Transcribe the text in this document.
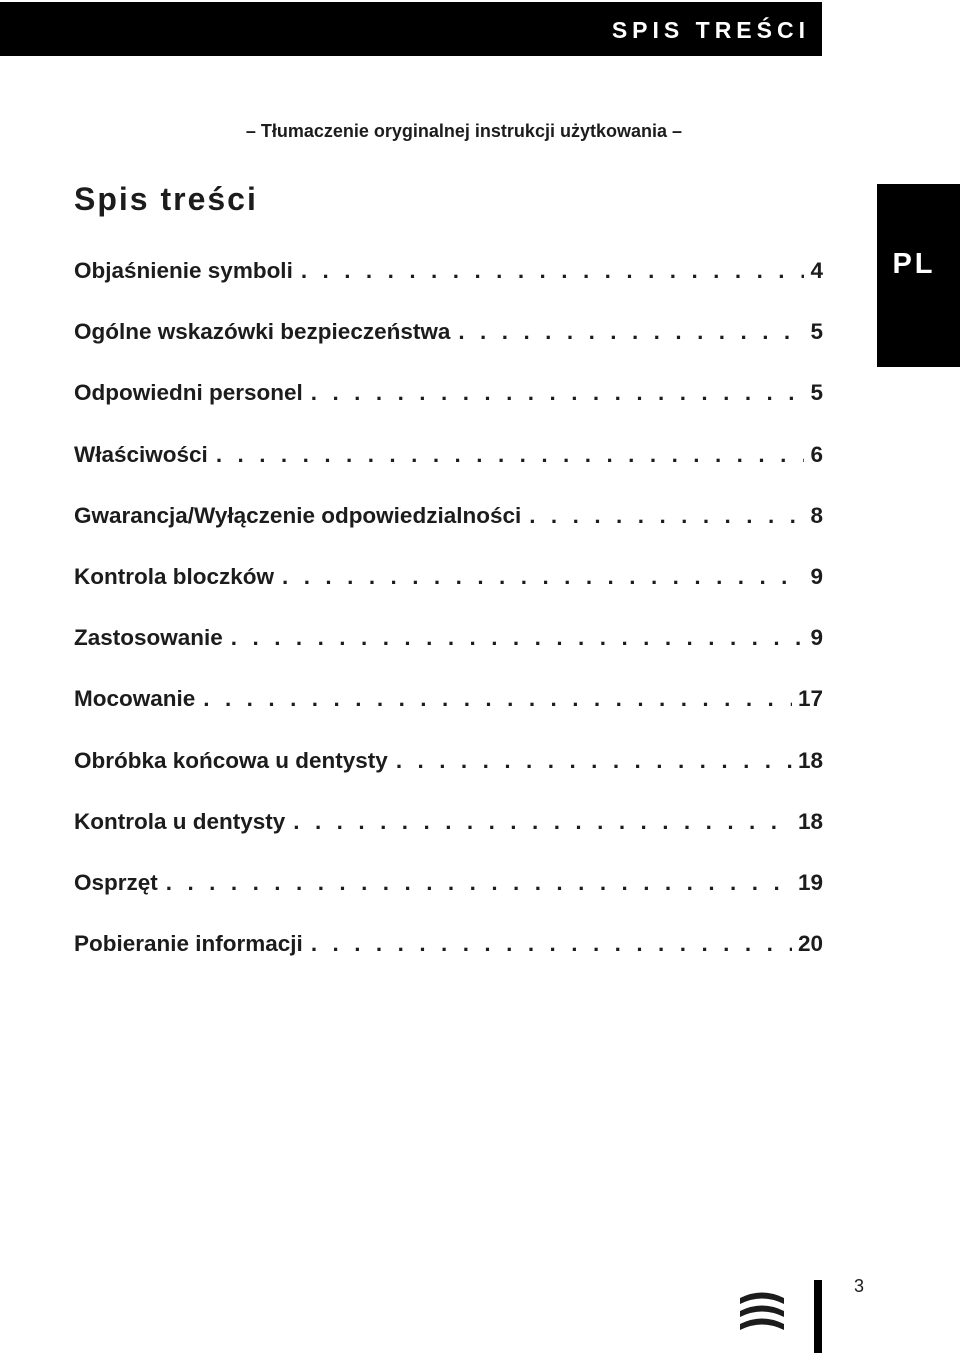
SPIS TREŚCI
– Tłumaczenie oryginalnej instrukcji użytkowania –
Spis treści
PL
Objaśnienie symboli . . .	4
Ogólne wskazówki bezpieczeństwa . . .	5
Odpowiedni personel . . .	5
Właściwości . . .	6
Gwarancja/Wyłączenie odpowiedzialności . . .	8
Kontrola bloczków . . .	9
Zastosowanie . . .	9
Mocowanie . . .	17
Obróbka końcowa u dentysty . . .	18
Kontrola u dentysty . . .	18
Osprzęt . . .	19
Pobieranie informacji . . .	20
3
